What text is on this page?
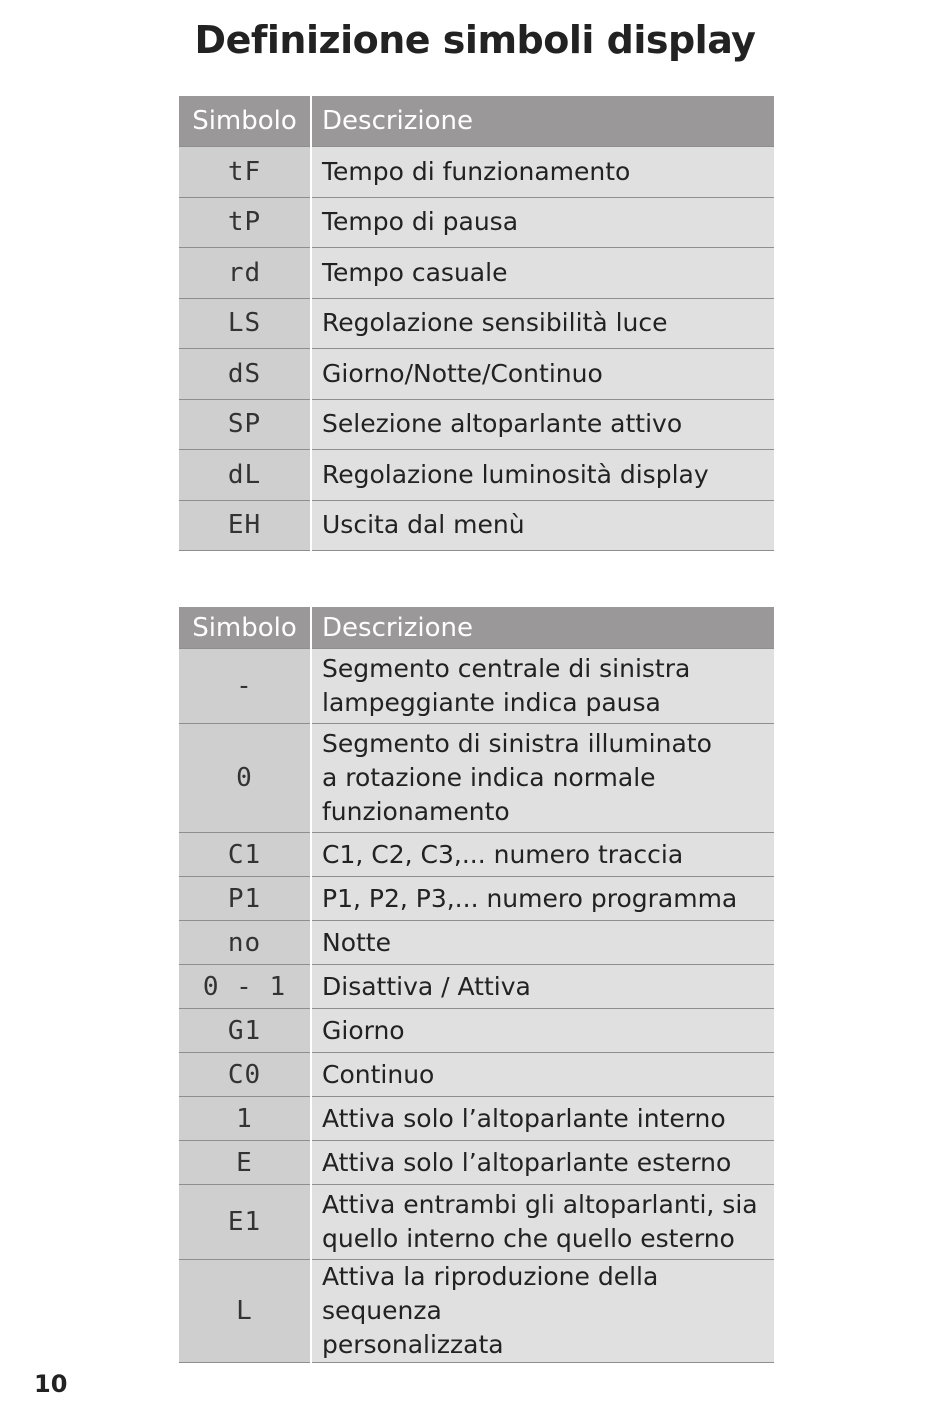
Definizione simboli display
Simbolo	Descrizione
tF	Tempo di funzionamento
tP	Tempo di pausa
rd	Tempo casuale
LS	Regolazione sensibilità luce
dS	Giorno/Notte/Continuo
SP	Selezione altoparlante attivo
dL	Regolazione luminosità display
EH	Uscita dal menù
Simbolo	Descrizione
-	Segmento centrale di sinistra
lampeggiante indica pausa
0	Segmento di sinistra illuminato
a rotazione indica normale
funzionamento
C1	C1, C2, C3,... numero traccia
P1	P1, P2, P3,... numero programma
no	Notte
0 - 1	Disattiva / Attiva
G1	Giorno
C0	Continuo
1	Attiva solo l’altoparlante interno
E	Attiva solo l’altoparlante esterno
E1	Attiva entrambi gli altoparlanti, sia
quello interno che quello esterno
L	Attiva la riproduzione della sequenza
personalizzata
10
